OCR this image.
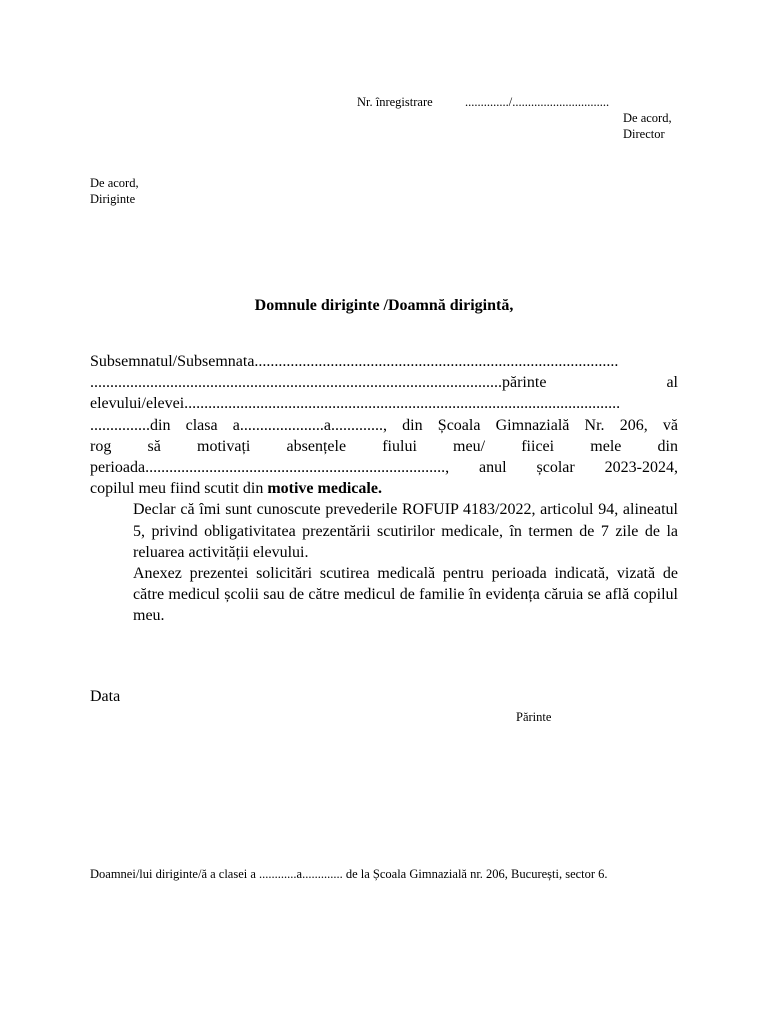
Nr. înregistrare	............../...............................
De acord,
Director
De acord,
Diriginte
Domnule diriginte /Doamnă dirigintă,
Subsemnatul/Subsemnata...........................................................................................
.......................................................................................................părinte al
elevului/elevei.............................................................................................................
...............din clasa a.....................a............., din Școala Gimnazială Nr. 206, vă
rog să motivați absențele fiului meu/ fiicei mele din
perioada..........................................................................., anul școlar 2023-2024,
copilul meu fiind scutit din motive medicale.

Declar că îmi sunt cunoscute prevederile ROFUIP 4183/2022, articolul 94, alineatul 5, privind obligativitatea prezentării scutirilor medicale, în termen de 7 zile de la reluarea activității elevului.

Anexez prezentei solicitări scutirea medicală pentru perioada indicată, vizată de către medicul școlii sau de către medicul de familie în evidența căruia se află copilul meu.

Data
Părinte
Doamnei/lui diriginte/ă a clasei a ............a............. de la Școala Gimnazială nr. 206, București, sector 6.
